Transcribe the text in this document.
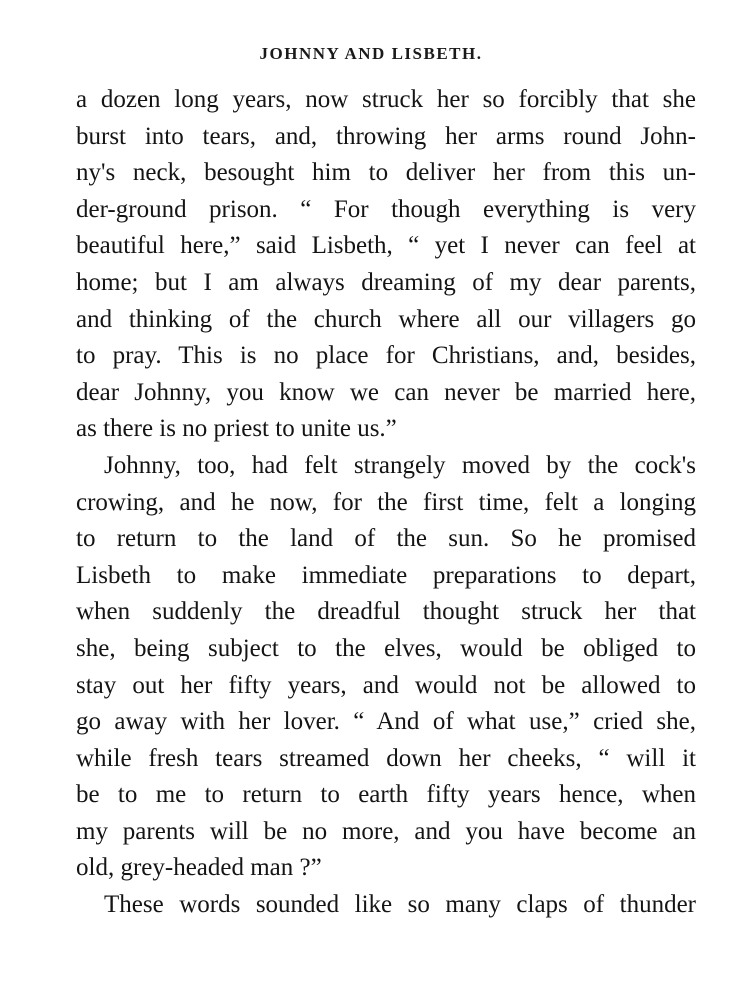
JOHNNY AND LISBETH.
a dozen long years, now struck her so forcibly that she
burst into tears, and, throwing her arms round John-
ny's neck, besought him to deliver her from this un-
der-ground prison. “ For though everything is very
beautiful here,” said Lisbeth, “ yet I never can feel at
home; but I am always dreaming of my dear parents,
and thinking of the church where all our villagers go
to pray. This is no place for Christians, and, besides,
dear Johnny, you know we can never be married here,
as there is no priest to unite us.”
Johnny, too, had felt strangely moved by the cock's
crowing, and he now, for the first time, felt a longing
to return to the land of the sun. So he promised
Lisbeth to make immediate preparations to depart,
when suddenly the dreadful thought struck her that
she, being subject to the elves, would be obliged to
stay out her fifty years, and would not be allowed to
go away with her lover. “ And of what use,” cried she,
while fresh tears streamed down her cheeks, “ will it
be to me to return to earth fifty years hence, when
my parents will be no more, and you have become an
old, grey-headed man ?”
These words sounded like so many claps of thunder
